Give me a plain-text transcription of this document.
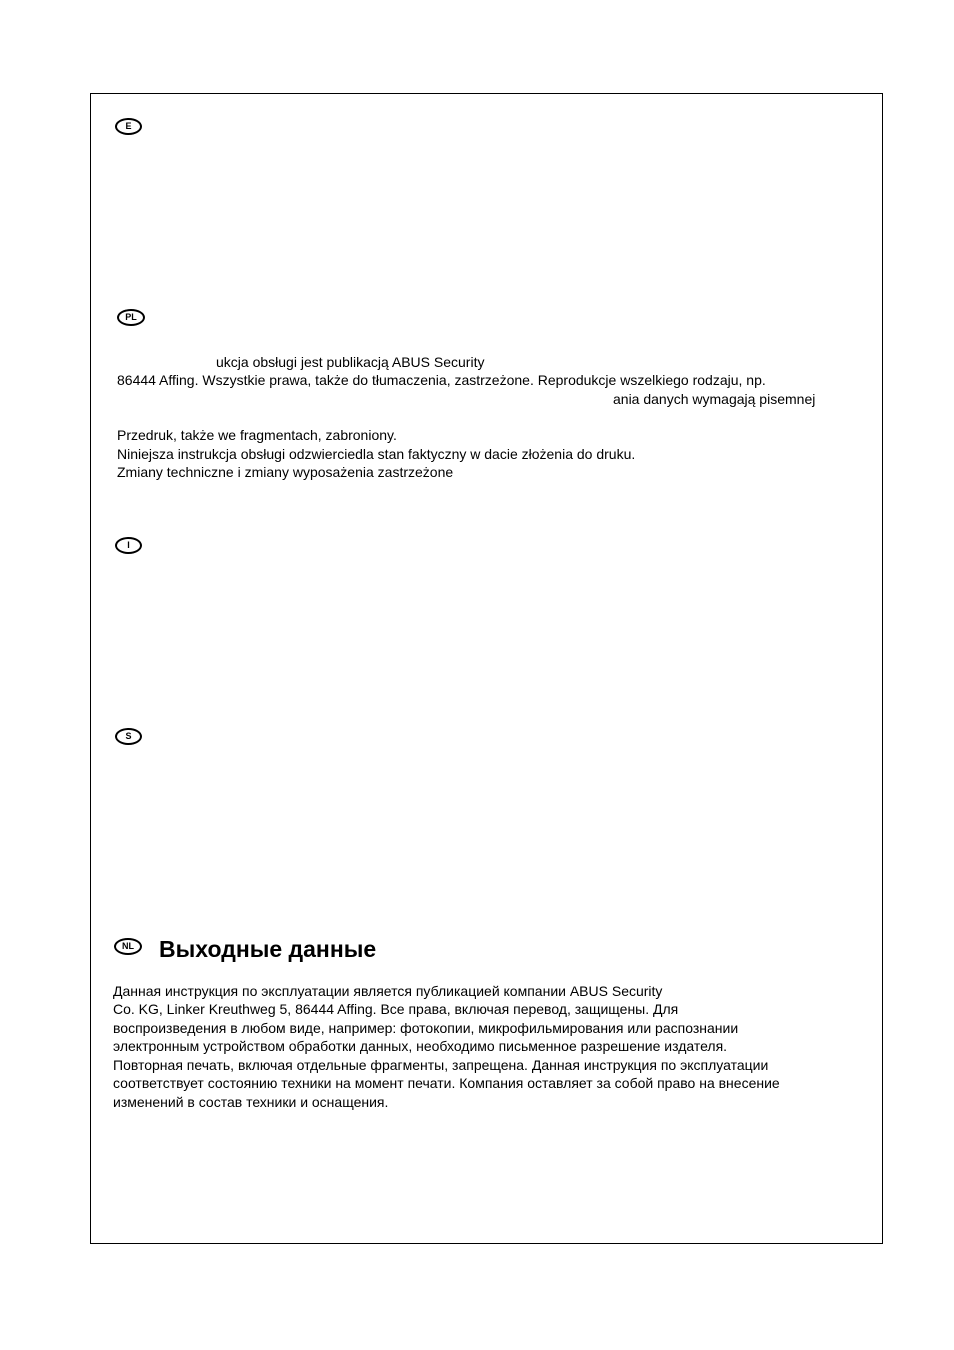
E
PL
ukcja obsługi jest publikacją ABUS Security
86444 Affing. Wszystkie prawa, także do tłumaczenia, zastrzeżone. Reprodukcje wszelkiego rodzaju, np.
ania danych wymagają pisemnej
Przedruk, także we fragmentach, zabroniony.
Niniejsza instrukcja obsługi odzwierciedla stan faktyczny w dacie złożenia do druku.
Zmiany techniczne i zmiany wyposażenia zastrzeżone
I
S
NL	Выходные данные
Данная инструкция по эксплуатации является публикацией компании ABUS Security
Co. KG, Linker Kreuthweg 5, 86444 Affing. Все права, включая перевод, защищены. Для
воспроизведения в любом виде, например: фотокопии, микрофильмирования или распознании
электронным устройством обработки данных, необходимо письменное разрешение издателя.
Повторная печать, включая отдельные фрагменты, запрещена. Данная инструкция по эксплуатации
соответствует состоянию техники на момент печати. Компания оставляет за собой право на внесение
изменений в состав техники и оснащения.
